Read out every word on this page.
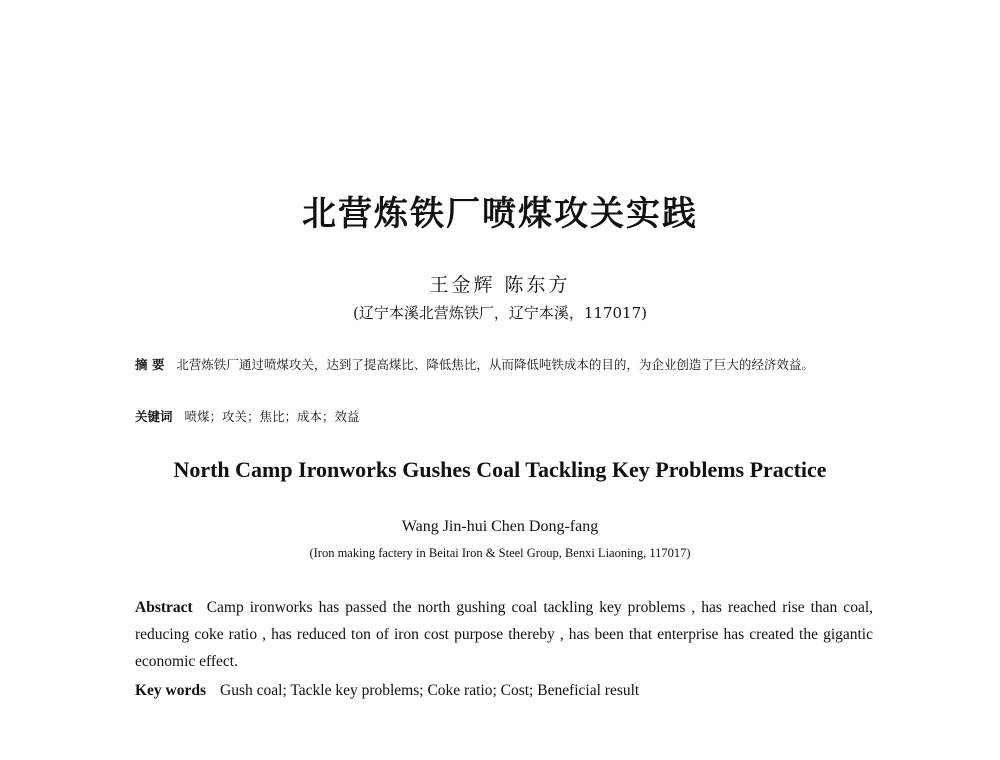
北营炼铁厂喷煤攻关实践
王金辉 陈东方
(辽宁本溪北营炼铁厂，辽宁本溪，117017)
摘 要 北营炼铁厂通过喷煤攻关，达到了提高煤比、降低焦比，从而降低吨铁成本的目的，为企业创造了巨大的经济效益。
关键词 喷煤；攻关；焦比；成本；效益
North Camp Ironworks Gushes Coal Tackling Key Problems Practice
Wang Jin-hui Chen Dong-fang
(Iron making factery in Beitai Iron & Steel Group, Benxi Liaoning, 117017)
Abstract Camp ironworks has passed the north gushing coal tackling key problems , has reached rise than coal, reducing coke ratio , has reduced ton of iron cost purpose thereby , has been that enterprise has created the gigantic economic effect.
Key words Gush coal; Tackle key problems; Coke ratio; Cost; Beneficial result
